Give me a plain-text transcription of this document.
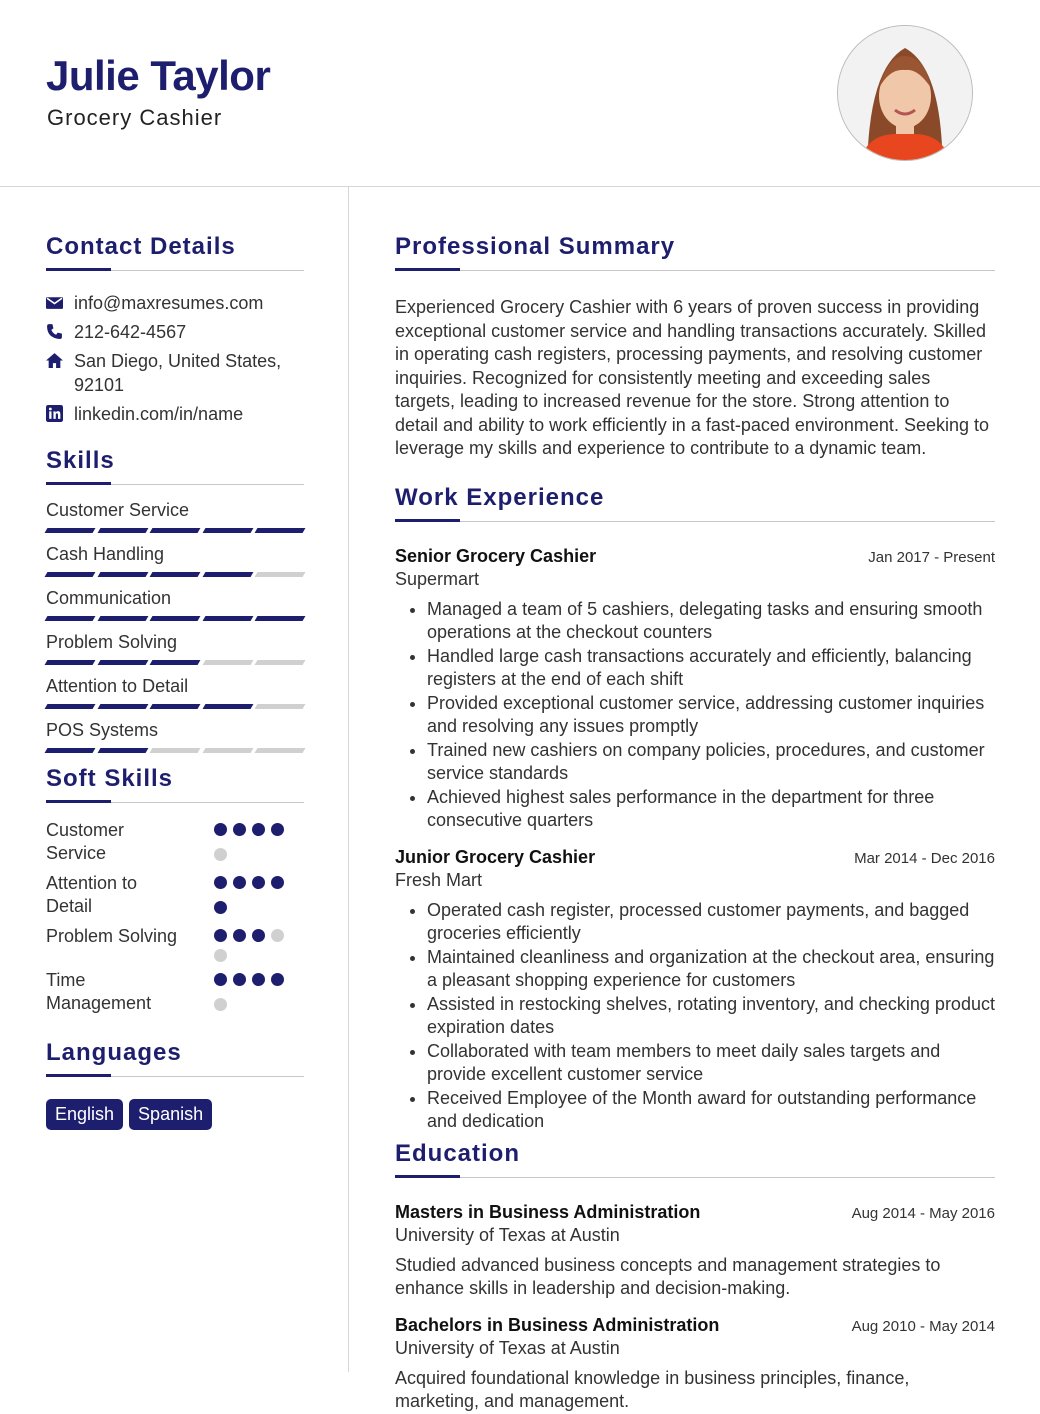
Julie Taylor
Grocery Cashier
Contact Details
info@maxresumes.com
212-642-4567
San Diego, United States, 92101
linkedin.com/in/name
Skills
Customer Service
Cash Handling
Communication
Problem Solving
Attention to Detail
POS Systems
Soft Skills
Customer Service
Attention to Detail
Problem Solving
Time Management
Languages
English	Spanish
Professional Summary
Experienced Grocery Cashier with 6 years of proven success in providing exceptional customer service and handling transactions accurately. Skilled in operating cash registers, processing payments, and resolving customer inquiries. Recognized for consistently meeting and exceeding sales targets, leading to increased revenue for the store. Strong attention to detail and ability to work efficiently in a fast-paced environment. Seeking to leverage my skills and experience to contribute to a dynamic team.
Work Experience
Senior Grocery Cashier	Jan 2017 - Present
Supermart
• Managed a team of 5 cashiers, delegating tasks and ensuring smooth operations at the checkout counters
• Handled large cash transactions accurately and efficiently, balancing registers at the end of each shift
• Provided exceptional customer service, addressing customer inquiries and resolving any issues promptly
• Trained new cashiers on company policies, procedures, and customer service standards
• Achieved highest sales performance in the department for three consecutive quarters
Junior Grocery Cashier	Mar 2014 - Dec 2016
Fresh Mart
• Operated cash register, processed customer payments, and bagged groceries efficiently
• Maintained cleanliness and organization at the checkout area, ensuring a pleasant shopping experience for customers
• Assisted in restocking shelves, rotating inventory, and checking product expiration dates
• Collaborated with team members to meet daily sales targets and provide excellent customer service
• Received Employee of the Month award for outstanding performance and dedication
Education
Masters in Business Administration	Aug 2014 - May 2016
University of Texas at Austin
Studied advanced business concepts and management strategies to enhance skills in leadership and decision-making.
Bachelors in Business Administration	Aug 2010 - May 2014
University of Texas at Austin
Acquired foundational knowledge in business principles, finance, marketing, and management.
